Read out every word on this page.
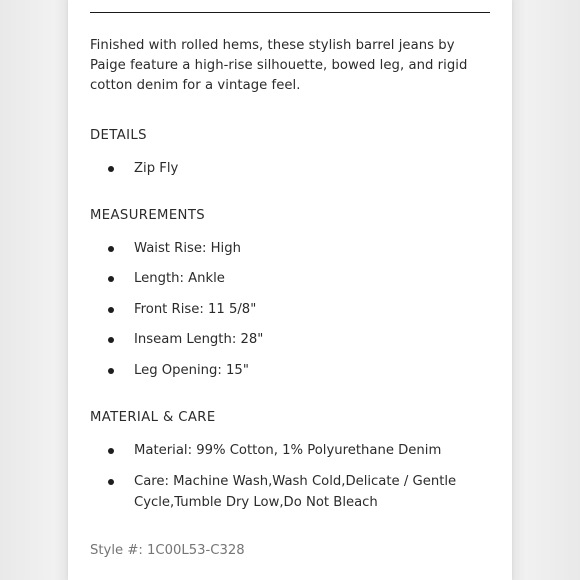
Finished with rolled hems, these stylish barrel jeans by Paige feature a high-rise silhouette, bowed leg, and rigid cotton denim for a vintage feel.
DETAILS
Zip Fly
MEASUREMENTS
Waist Rise: High
Length: Ankle
Front Rise: 11 5/8"
Inseam Length: 28"
Leg Opening: 15"
MATERIAL & CARE
Material: 99% Cotton, 1% Polyurethane Denim
Care: Machine Wash,Wash Cold,Delicate / Gentle Cycle,Tumble Dry Low,Do Not Bleach
Style #: 1C00L53-C328
